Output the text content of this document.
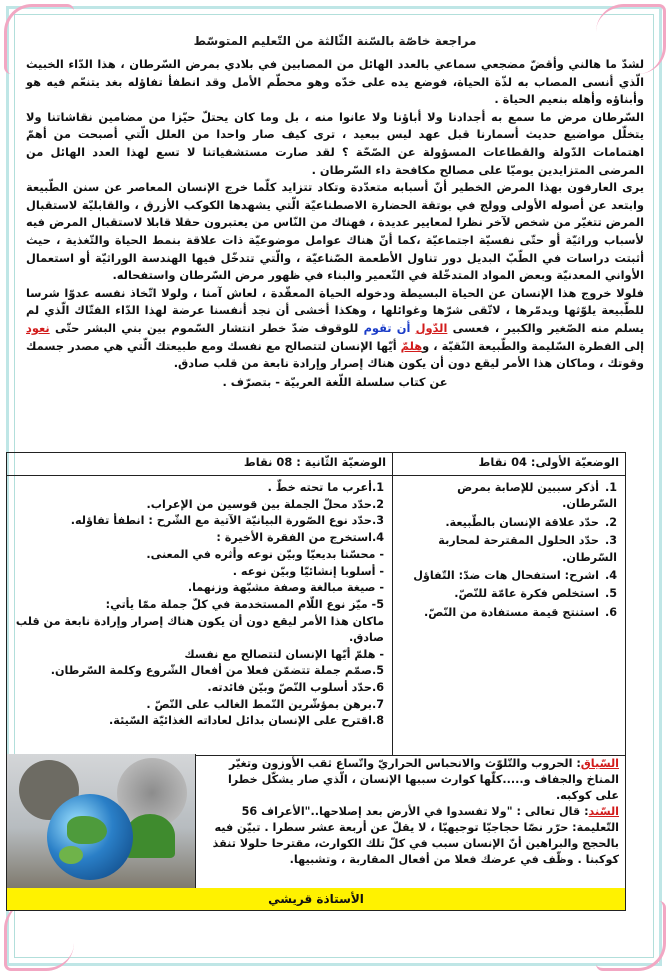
مراجعة خاصّة بالسّنة الثّالثة من التّعليم المتوسّط

لشدّ ما هالني وأقضّ مضجعي سماعي بالعدد الهائل من المصابين في بلادي بمرض السّرطان ، هذا الدّاء الخبيث الّذي أنسى المصاب به لذّة الحياة، فوضع يده على خدّه وهو محطّم الأمل وقد انطفأ تفاؤله بغد يتنعّم فيه هو وأبناؤه وأهله بنعيم الحياة .

السّرطان مرض ما سمع به أجدادنا ولا أباؤنا ولا عانوا منه ، بل وما كان يحتلّ حيّزا من مضامين نقاشاتنا ولا يتخلّل مواضيع حديث أسمارنا قبل عهد ليس ببعيد ، ترى كيف صار واحدا من العلل الّتي أصبحت من أهمّ اهتمامات الدّولة والقطاعات المسؤولة عن الصّحّة ؟ لقد صارت مستشفياتنا لا تسع لهذا العدد الهائل من المرضى المتزايدين يوميّا على مصالح مكافحة داء السّرطان .

يرى العارفون بهذا المرض الخطير أنّ أسبابه متعدّدة وتكاد تتزايد كلّما خرج الإنسان المعاصر عن سنن الطّبيعة وابتعد عن أصوله الأولى وولج في بوتقة الحضارة الاصطناعيّة الّتي يشهدها الكوكب الأزرق ، والقابليّة لاستقبال المرض تتغيّر من شخص لآخر نظرا لمعايير عديدة ، فهناك من النّاس من يعتبرون حقلا قابلا لاستقبال المرض فيه لأسباب وراثيّة أو حتّى نفسيّة اجتماعيّة ،كما أنّ هناك عوامل موضوعيّة ذات علاقة بنمط الحياة والتّغذية ، حيث أثبتت دراسات في الطّبّ البديل دور تناول الأطعمة الصّناعيّة ، والّتي تتدخّل فيها الهندسة الوراثيّة أو استعمال الأواني المعدنيّة وبعض المواد المتدخّلة في التّعمير والبناء في ظهور مرض السّرطان واستفحاله.

فلولا خروج هذا الإنسان عن الحياة البسيطة ودخوله الحياة المعقّدة ، لعاش آمنا ، ولولا اتّخاذ نفسه عدوّا شرسا للطّبيعة يلوّثها ويدمّرها ، لاتّقى شرّها وغوائلها ، وهكذا أخشى أن نجد أنفسنا عرضة لهذا الدّاء الفتّاك الّذي لم يسلم منه الصّغير والكبير ، فعسى الدّول أن تقوم للوقوف ضدّ خطر انتشار السّموم بين بني البشر حتّى نعود إلى الفطرة السّليمة والطّبيعة النّقيّة ، وهلمّ أيّها الإنسان لتتصالح مع نفسك ومع طبيعتك الّتي هي مصدر جسمك وقوتك ، وماكان هذا الأمر ليقع دون أن يكون هناك إصرار وإرادة نابعة من قلب صادق.

عن كتاب سلسلة اللّغة العربيّة - بتصرّف .
الوضعيّة الأولى: 04 نقاط
1.أذكر سببين للإصابة بمرض السّرطان.
2.حدّد علاقة الإنسان بالطّبيعة.
3.حدّد الحلول المقترحة لمحاربة السّرطان.
4.اشرح: استفحال هات ضدّ: التّفاؤل
5.استخلص فكرة عامّة للنّصّ.
6.استنتج قيمة مستفادة من النّصّ.
الوضعيّة الثّانية : 08 نقاط
1.أعرب ما تحته خطّ .
2.حدّد محلّ الجملة بين قوسين من الإعراب.
3.حدّد نوع الصّورة البيانيّة الآتية مع الشّرح : انطفأ تفاؤله.
4.استخرج من الفقرة الأخيرة :
- محسّنا بديعيّا وبيّن نوعه وأثره في المعنى.
- أسلوبا إنشائيّا وبيّن نوعه .
- صيغة مبالغة وصفة مشبّهة وزنهما.
5- ميّز نوع اللّام المستخدمة في كلّ جملة ممّا يأتي:
ماكان هذا الأمر ليقع دون أن يكون هناك إصرار وإرادة نابعة من قلب صادق.
- هلمّ أيّها الإنسان لتتصالح مع نفسك
5.صمّم جملة تتضمّن فعلا من أفعال الشّروع وكلمة السّرطان.
6.حدّد أسلوب النّصّ وبيّن فائدته.
7.برهن بمؤشّرين النّمط الغالب على النّصّ .
8.اقترح على الإنسان بدائل لعاداته الغذائيّة السّيئة.
السّياق: الحروب والتّلوّث والانحباس الحراريّ واتّساع ثقب الأوزون وتغيّر المناخ والجفاف و.....كلّها كوارث سببها الإنسان ، الّذي صار يشكّل خطرا على كوكبه.
السّند: قال تعالى : "ولا تفسدوا في الأرض بعد إصلاحها.."الأعراف 56
التّعليمة: حرّر نصّا حجاجيّا توجيهيّا ، لا يقلّ عن أربعة عشر سطرا . تبيّن فيه بالحجج والبراهين أنّ الإنسان سبب في كلّ تلك الكوارث، مقترحا حلولا تنقذ كوكبنا . وظّف في عرضك فعلا من أفعال المقاربة ، وتشبيها.
الأستاذة قريشي
